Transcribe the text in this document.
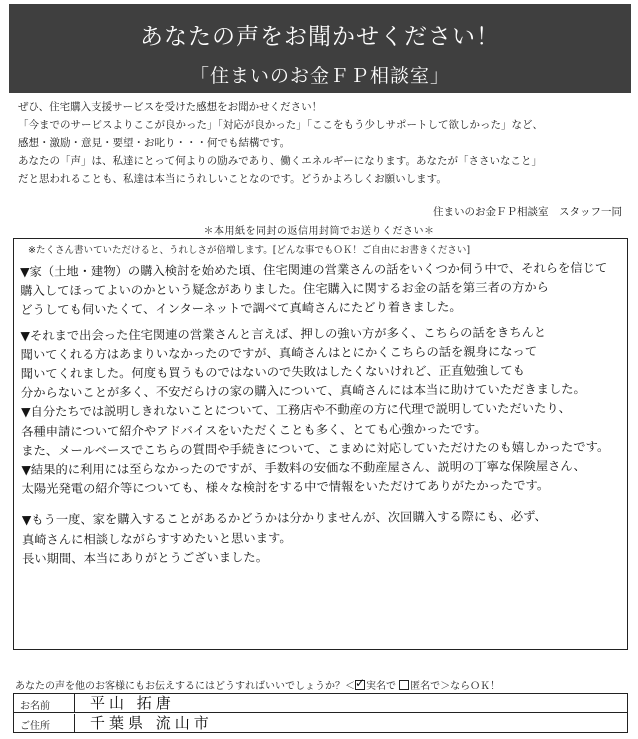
あなたの声をお聞かせください！
「住まいのお金ＦＰ相談室」

ぜひ、住宅購入支援サービスを受けた感想をお聞かせください！

「今までのサービスよりここが良かった」「対応が良かった」「ここをもう少しサポートして欲しかった」など、

感想・激励・意見・要望・お叱り・・・何でも結構です。

あなたの「声」は、私達にとって何よりの励みであり、働くエネルギーになります。あなたが「ささいなこと」

だと思われることも、私達は本当にうれしいことなのです。どうかよろしくお願いします。

住まいのお金ＦＰ相談室　スタッフ一同
＊本用紙を同封の返信用封筒でお送りください＊
※たくさん書いていただけると、うれしさが倍増します。[どんな事でもＯＫ！ご自由にお書きください]

▼家（土地・建物）の購入検討を始めた頃、住宅関連の営業さんの話をいくつか伺う中で、それらを信じて

購入してほってよいのかという疑念がありました。住宅購入に関するお金の話を第三者の方から

どうしても伺いたくて、インターネットで調べて真崎さんにたどり着きました。

▼それまで出会った住宅関連の営業さんと言えば、押しの強い方が多く、こちらの話をきちんと

聞いてくれる方はあまりいなかったのですが、真崎さんはとにかくこちらの話を親身になって

聞いてくれました。何度も買うものではないので失敗はしたくないけれど、正直勉強しても

分からないことが多く、不安だらけの家の購入について、真崎さんには本当に助けていただきました。

▼自分たちでは説明しきれないことについて、工務店や不動産の方に代理で説明していただいたり、

各種申請について紹介やアドバイスをいただくことも多く、とても心強かったです。

また、メールベースでこちらの質問や手続きについて、こまめに対応していただけたのも嬉しかったです。

▼結果的に利用には至らなかったのですが、手数料の安価な不動産屋さん、説明の丁寧な保険屋さん、

太陽光発電の紹介等についても、様々な検討をする中で情報をいただけてありがたかったです。

▼もう一度、家を購入することがあるかどうかは分かりませんが、次回購入する際にも、必ず、

真崎さんに相談しながらすすめたいと思います。

長い期間、本当にありがとうございました。

あなたの声を他のお客様にもお伝えするにはどうすればいいでしょうか？＜✓ 実名で 匿名で＞ならＯＫ！
お名前	平山 拓唐
ご住所	千葉県 流山市
